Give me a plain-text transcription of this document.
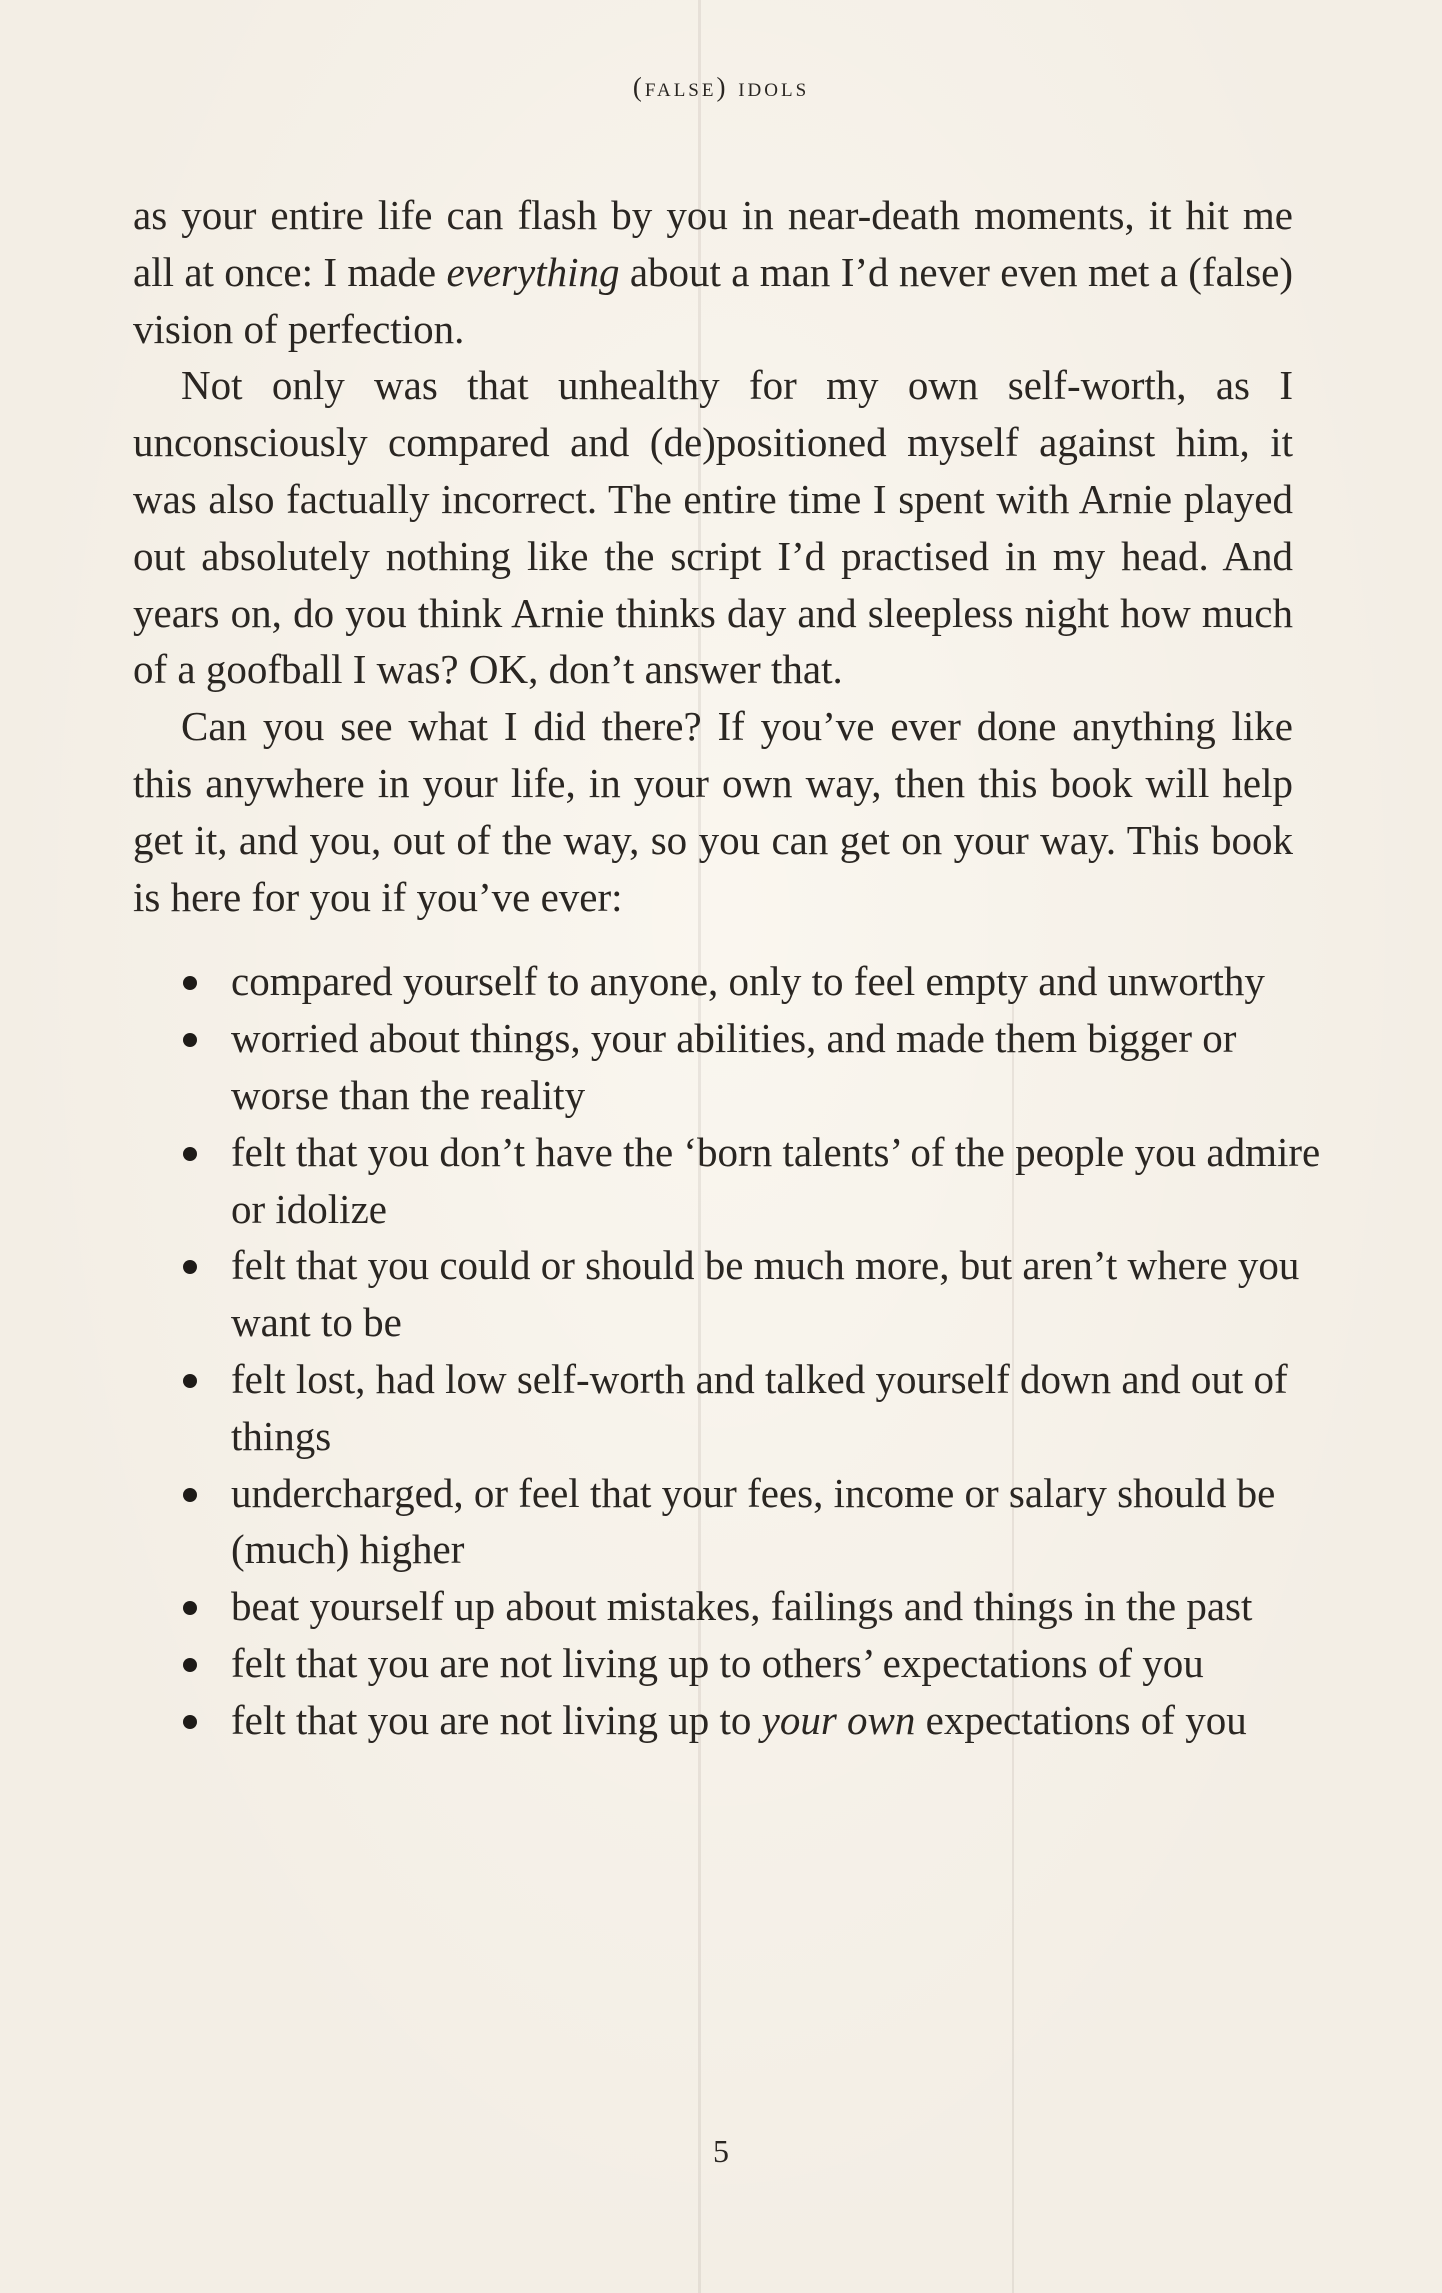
(false) idols

as your entire life can flash by you in near-death moments, it hit me all at once: I made everything about a man I’d never even met a (false) vision of perfection.

Not only was that unhealthy for my own self-worth, as I unconsciously compared and (de)positioned myself against him, it was also factually incorrect. The entire time I spent with Arnie played out absolutely nothing like the script I’d practised in my head. And years on, do you think Arnie thinks day and sleepless night how much of a goofball I was? OK, don’t answer that.

Can you see what I did there? If you’ve ever done anything like this anywhere in your life, in your own way, then this book will help get it, and you, out of the way, so you can get on your way. This book is here for you if you’ve ever:

compared yourself to anyone, only to feel empty and unworthy
worried about things, your abilities, and made them bigger or worse than the reality
felt that you don’t have the ‘born talents’ of the people you admire or idolize
felt that you could or should be much more, but aren’t where you want to be
felt lost, had low self-worth and talked yourself down and out of things
undercharged, or feel that your fees, income or salary should be (much) higher
beat yourself up about mistakes, failings and things in the past
felt that you are not living up to others’ expectations of you
felt that you are not living up to your own expectations of you
5
